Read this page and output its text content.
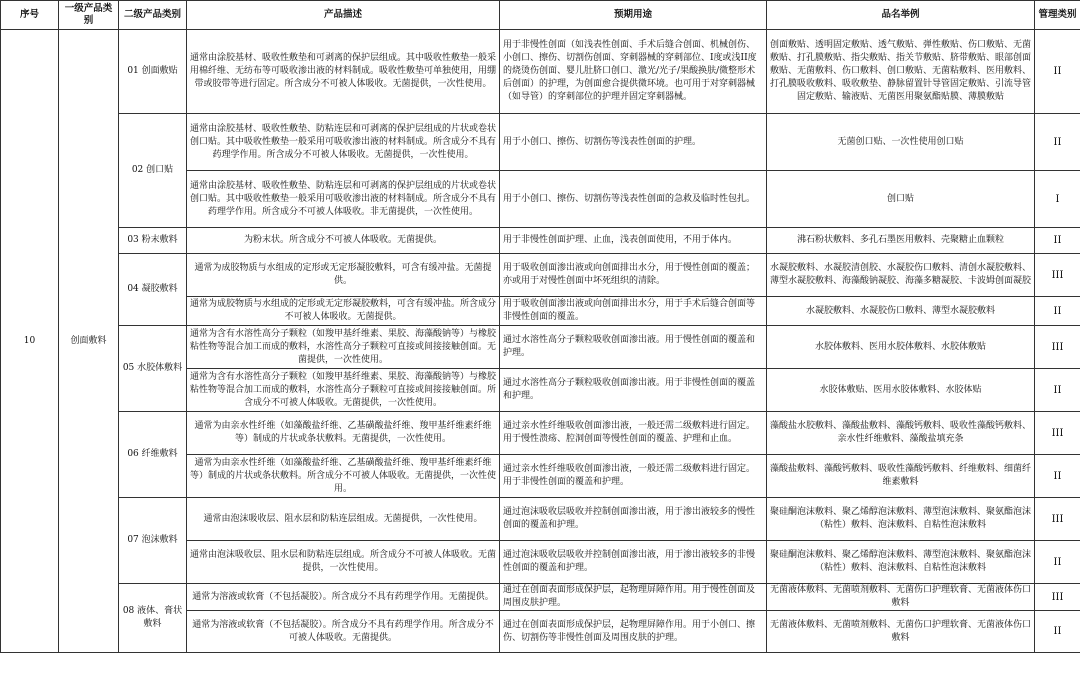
序号	一级产品类别	二级产品类别	产品描述	预期用途	品名举例	管理类别
10	创面敷料	01 创面敷贴	通常由涂胶基材、吸收性敷垫和可剥离的保护层组成。其中吸收性敷垫一般采用棉纤维、无纺布等可吸收渗出液的材料制成。吸收性敷垫可单独使用，用绷带或胶带等进行固定。所含成分不可被人体吸收。无菌提供，一次性使用。	用于非慢性创面（如浅表性创面、手术后缝合创面、机械创伤、小创口、擦伤、切割伤创面、穿刺器械的穿刺部位、I度或浅II度的烧烫伤创面、婴儿肚脐口创口、激光/光子/果酸换肤/微整形术后创面）的护理，为创面愈合提供微环境。也可用于对穿刺器械（如导管）的穿刺部位的护理并固定穿刺器械。	创面敷贴、透明固定敷贴、透气敷贴、弹性敷贴、伤口敷贴、无菌敷贴、打孔膜敷贴、指尖敷贴、指关节敷贴、脐带敷贴、眼部创面敷贴、无菌敷料、伤口敷料、创口敷贴、无菌粘敷料、医用敷料、打孔膜吸收敷料、吸收敷垫、静脉留置针导管固定敷贴、引流导管固定敷贴、输液贴、无菌医用聚氨酯贴膜、薄膜敷贴	II
		02 创口贴	通常由涂胶基材、吸收性敷垫、防粘连层和可剥离的保护层组成的片状或卷状创口贴。其中吸收性敷垫一般采用可吸收渗出液的材料制成。所含成分不具有药理学作用。所含成分不可被人体吸收。无菌提供，一次性使用。	用于小创口、擦伤、切割伤等浅表性创面的护理。	无菌创口贴、一次性使用创口贴	II
			通常由涂胶基材、吸收性敷垫、防粘连层和可剥离的保护层组成的片状或卷状创口贴。其中吸收性敷垫一般采用可吸收渗出液的材料制成。所含成分不具有药理学作用。所含成分不可被人体吸收。非无菌提供，一次性使用。	用于小创口、擦伤、切割伤等浅表性创面的急救及临时性包扎。	创口贴	I
		03 粉末敷料	为粉末状。所含成分不可被人体吸收。无菌提供。	用于非慢性创面护理、止血，浅表创面使用，不用于体内。	沸石粉状敷料、多孔石墨医用敷料、壳聚糖止血颗粒	II
		04 凝胶敷料	通常为成胶物质与水组成的定形或无定形凝胶敷料，可含有缓冲盐。无菌提供。	用于吸收创面渗出液或向创面排出水分，用于慢性创面的覆盖；亦或用于对慢性创面中坏死组织的清除。	水凝胶敷料、水凝胶清创胶、水凝胶伤口敷料、清创水凝胶敷料、薄型水凝胶敷料、海藻酸钠凝胶、海藻多糖凝胶、卡波姆创面凝胶	III
			通常为成胶物质与水组成的定形或无定形凝胶敷料，可含有缓冲盐。所含成分不可被人体吸收。无菌提供。	用于吸收创面渗出液或向创面排出水分，用于手术后缝合创面等非慢性创面的覆盖。	水凝胶敷料、水凝胶伤口敷料、薄型水凝胶敷料	II
		05 水胶体敷料	通常为含有水溶性高分子颗粒（如羧甲基纤维素、果胶、海藻酸钠等）与橡胶粘性物等混合加工而成的敷料，水溶性高分子颗粒可直接或间接接触创面。无菌提供，一次性使用。	通过水溶性高分子颗粒吸收创面渗出液。用于慢性创面的覆盖和护理。	水胶体敷料、医用水胶体敷料、水胶体敷贴	III
			通常为含有水溶性高分子颗粒（如羧甲基纤维素、果胶、海藻酸钠等）与橡胶粘性物等混合加工而成的敷料，水溶性高分子颗粒可直接或间接接触创面。所含成分不可被人体吸收。无菌提供，一次性使用。	通过水溶性高分子颗粒吸收创面渗出液。用于非慢性创面的覆盖和护理。	水胶体敷贴、医用水胶体敷料、水胶体贴	II
		06 纤维敷料	通常为由亲水性纤维（如藻酸盐纤维、乙基磺酸盐纤维、羧甲基纤维素纤维等）制成的片状或条状敷料。无菌提供，一次性使用。	通过亲水性纤维吸收创面渗出液，一般还需二级敷料进行固定。用于慢性溃疡、腔洞创面等慢性创面的覆盖、护理和止血。	藻酸盐水胶敷料、藻酸盐敷料、藻酸钙敷料、吸收性藻酸钙敷料、亲水性纤维敷料、藻酸盐填充条	III
			通常为由亲水性纤维（如藻酸盐纤维、乙基磺酸盐纤维、羧甲基纤维素纤维等）制成的片状或条状敷料。所含成分不可被人体吸收。无菌提供，一次性使用。	通过亲水性纤维吸收创面渗出液，一般还需二级敷料进行固定。用于非慢性创面的覆盖和护理。	藻酸盐敷料、藻酸钙敷料、吸收性藻酸钙敷料、纤维敷料、细菌纤维素敷料	II
		07 泡沫敷料	通常由泡沫吸收层、阻水层和防粘连层组成。无菌提供，一次性使用。	通过泡沫吸收层吸收并控制创面渗出液，用于渗出液较多的慢性创面的覆盖和护理。	聚硅酮泡沫敷料、聚乙烯醇泡沫敷料、薄型泡沫敷料、聚氨酯泡沫（粘性）敷料、泡沫敷料、自粘性泡沫敷料	III
			通常由泡沫吸收层、阻水层和防粘连层组成。所含成分不可被人体吸收。无菌提供，一次性使用。	通过泡沫吸收层吸收并控制创面渗出液，用于渗出液较多的非慢性创面的覆盖和护理。	聚硅酮泡沫敷料、聚乙烯醇泡沫敷料、薄型泡沫敷料、聚氨酯泡沫（粘性）敷料、泡沫敷料、自粘性泡沫敷料	II
		08 液体、膏状敷料	通常为溶液或软膏（不包括凝胶）。所含成分不具有药理学作用。无菌提供。	通过在创面表面形成保护层，起物理屏障作用。用于慢性创面及周围皮肤护理。	无菌液体敷料、无菌喷剂敷料、无菌伤口护理软膏、无菌液体伤口敷料	III
			通常为溶液或软膏（不包括凝胶）。所含成分不具有药理学作用。所含成分不可被人体吸收。无菌提供。	通过在创面表面形成保护层，起物理屏障作用。用于小创口、擦伤、切割伤等非慢性创面及周围皮肤的护理。	无菌液体敷料、无菌喷剂敷料、无菌伤口护理软膏、无菌液体伤口敷料	II
